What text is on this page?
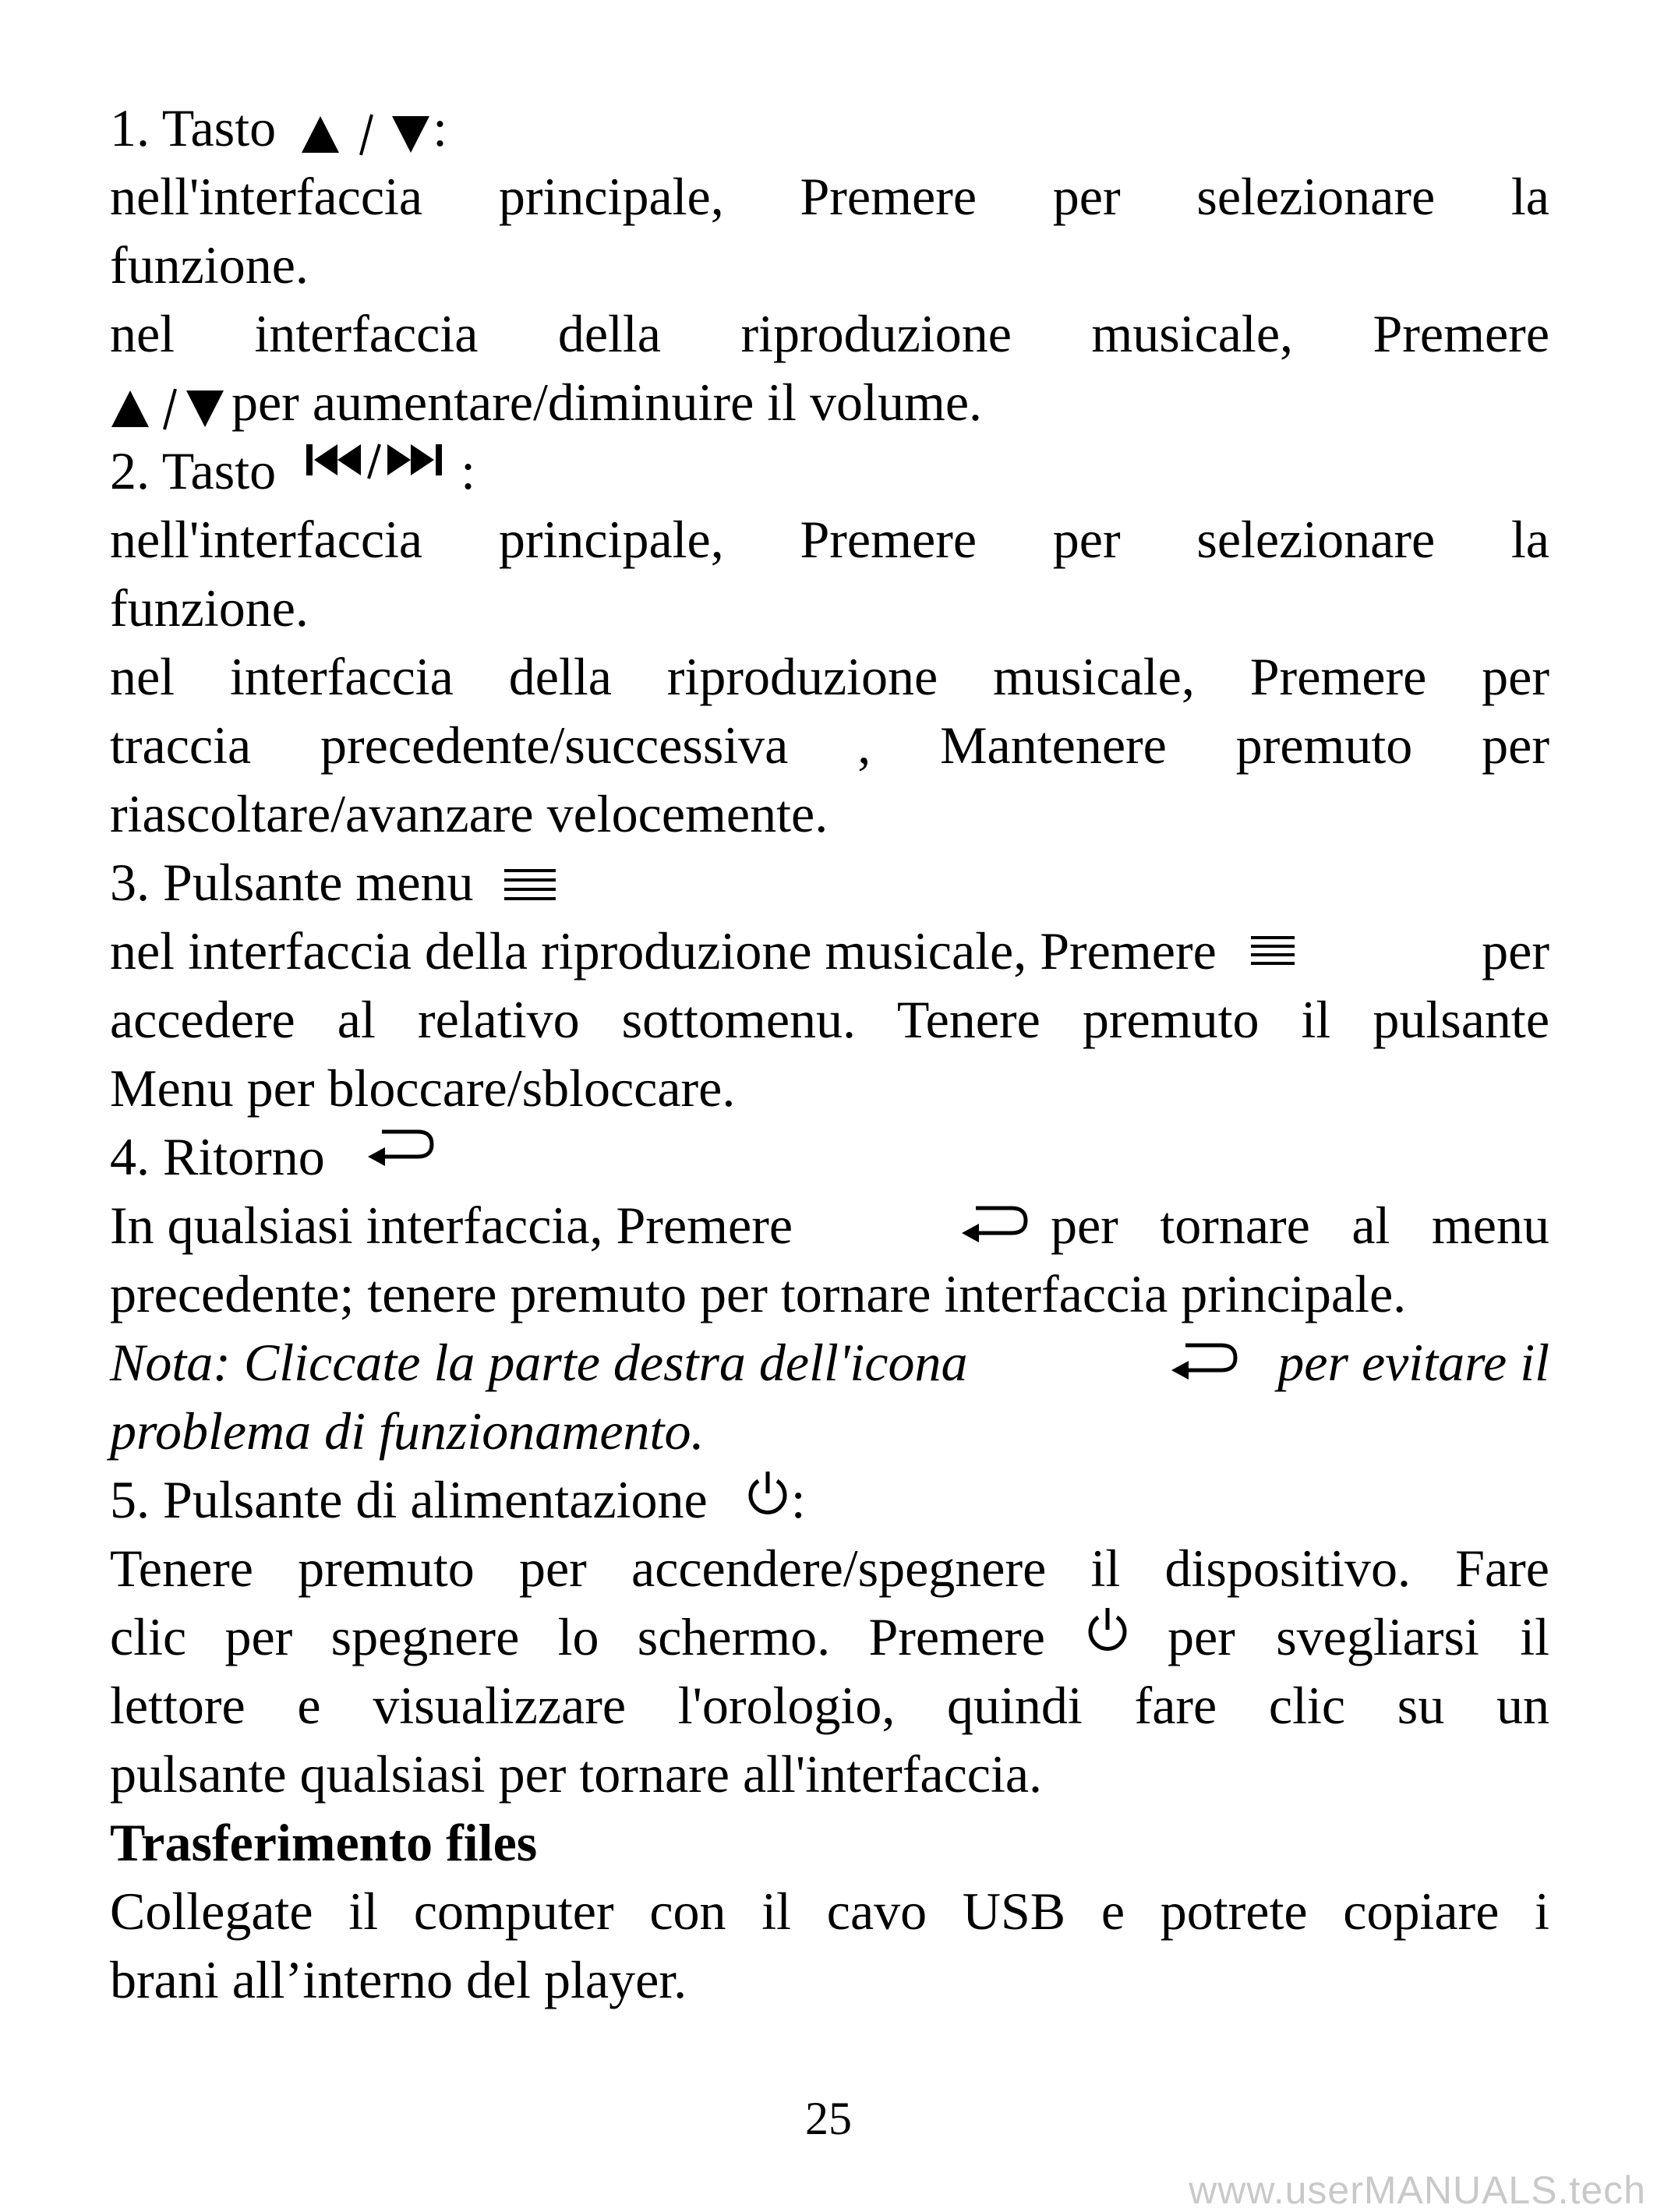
1. Tasto	:
nell'interfaccia principale, Premere per selezionare la
funzione.
nel interfaccia della riproduzione musicale, Premere
per aumentare/diminuire il volume.
2. Tasto	:
nell'interfaccia principale, Premere per selezionare la
funzione.
nel interfaccia della riproduzione musicale, Premere per
traccia precedente/successiva , Mantenere premuto per
riascoltare/avanzare velocemente.
3. Pulsante menu
nel interfaccia della riproduzione musicale, Premere	per
accedere al relativo sottomenu. Tenere premuto il pulsante
Menu per bloccare/sbloccare.
4. Ritorno
In qualsiasi interfaccia, Premere	per tornare al menu
precedente; tenere premuto per tornare interfaccia principale.
Nota: Cliccate la parte destra dell'icona	per evitare il
problema di funzionamento.
5. Pulsante di alimentazione :
Tenere premuto per accendere/spegnere il dispositivo. Fare
clic per spegnere lo schermo. Premere per svegliarsi il
lettore e visualizzare l'orologio, quindi fare clic su un
pulsante qualsiasi per tornare all'interfaccia.
Trasferimento files
Collegate il computer con il cavo USB e potrete copiare i
brani all’interno del player.
25
www.userMANUALS.tech
